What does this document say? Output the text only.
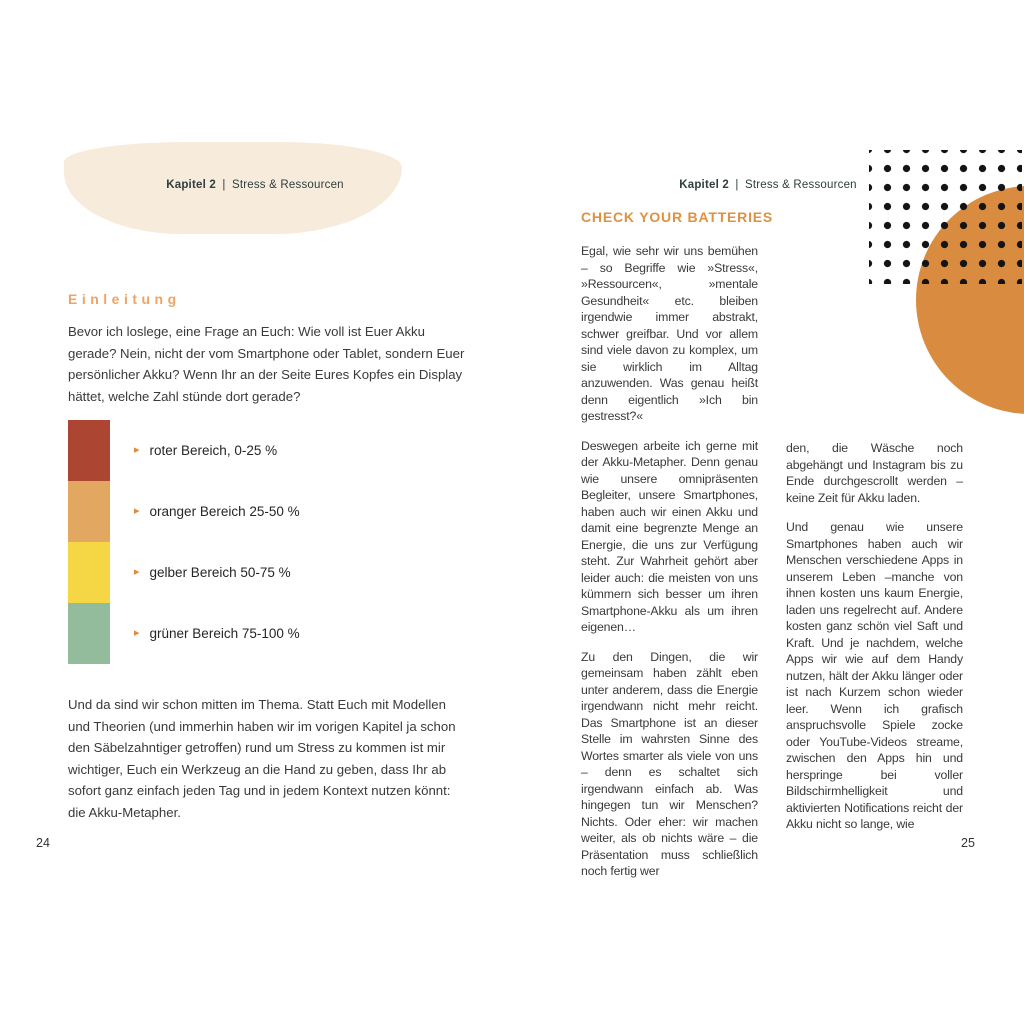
Kapitel 2 | Stress & Ressourcen
Einleitung

Bevor ich loslege, eine Frage an Euch: Wie voll ist Euer Akku gerade? Nein, nicht der vom Smartphone oder Tablet, sondern Euer persönlicher Akku? Wenn Ihr an der Seite Eures Kopfes ein Display hättet, welche Zahl stünde dort gerade?

▸ roter Bereich, 0-25 %
▸ oranger Bereich 25-50 %
▸ gelber Bereich 50-75 %
▸ grüner Bereich 75-100 %

Und da sind wir schon mitten im Thema. Statt Euch mit Modellen und Theorien (und immerhin haben wir im vorigen Kapitel ja schon den Säbelzahntiger getroffen) rund um Stress zu kommen ist mir wichtiger, Euch ein Werkzeug an die Hand zu geben, dass Ihr ab sofort ganz einfach jeden Tag und in jedem Kontext nutzen könnt: die Akku-Metapher.

24
Kapitel 2 | Stress & Ressourcen
CHECK YOUR BATTERIES

Egal, wie sehr wir uns bemühen – so Begriffe wie »Stress«, »Ressourcen«, »mentale Gesundheit« etc. bleiben irgendwie immer abstrakt, schwer greifbar. Und vor allem sind viele davon zu komplex, um sie wirklich im Alltag anzuwenden. Was genau heißt denn eigentlich »Ich bin gestresst?«

Deswegen arbeite ich gerne mit der Akku-Metapher. Denn genau wie unsere omnipräsenten Begleiter, unsere Smartphones, haben auch wir einen Akku und damit eine begrenzte Menge an Energie, die uns zur Verfügung steht. Zur Wahrheit gehört aber leider auch: die meisten von uns kümmern sich besser um ihren Smartphone-Akku als um ihren eigenen…

Zu den Dingen, die wir gemeinsam haben zählt eben unter anderem, dass die Energie irgendwann nicht mehr reicht. Das Smartphone ist an dieser Stelle im wahrsten Sinne des Wortes smarter als viele von uns – denn es schaltet sich irgendwann einfach ab. Was hingegen tun wir Menschen? Nichts. Oder eher: wir machen weiter, als ob nichts wäre – die Präsentation muss schließlich noch fertig wer

den, die Wäsche noch abgehängt und Instagram bis zu Ende durchgescrollt werden – keine Zeit für Akku laden.

Und genau wie unsere Smartphones haben auch wir Menschen verschiedene Apps in unserem Leben –manche von ihnen kosten uns kaum Energie, laden uns regelrecht auf. Andere kosten ganz schön viel Saft und Kraft. Und je nachdem, welche Apps wir wie auf dem Handy nutzen, hält der Akku länger oder ist nach Kurzem schon wieder leer. Wenn ich grafisch anspruchsvolle Spiele zocke oder YouTube-Videos streame, zwischen den Apps hin und herspringe bei voller Bildschirmhelligkeit und aktivierten Notifications reicht der Akku nicht so lange, wie

25
